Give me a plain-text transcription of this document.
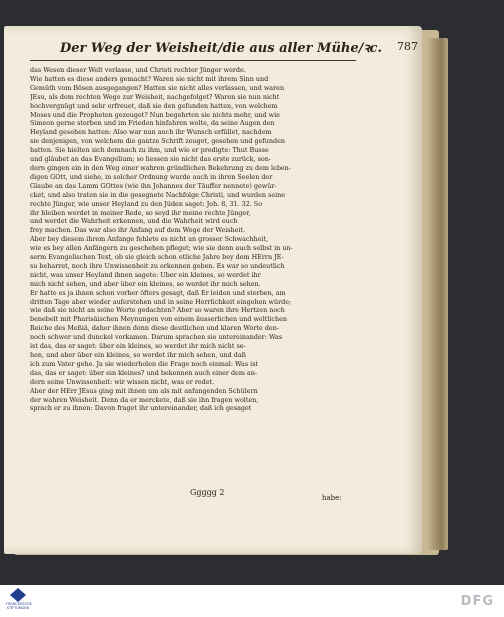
Der Weg der Weisheit/die aus aller Mühe/ꝛc. 787
das Wesen dieser Welt verlasse, und Christi rechter Jünger werde.
Wie hatten es diese anders gemacht? Waren sie nicht mit ihrem Sinn und
Gemüth vom Bösen ausgegangen? Hatten sie nicht alles verlassen, und waren
JEsu, als dem rechten Wege zur Weisheit, nachgefolget? Waren sie nun nicht
hochvergnügt und sehr erfreuet, daß sie den gefunden hatten, von welchem
Moses und die Propheten gezeuget? Nun begehrten sie nichts mehr, und wie
Simeon gerne sterben und im Frieden hinfahren wolte, da seine Augen den
Heyland gesehen hatten: Also war nun auch ihr Wunsch erfüllet, nachdem
sie denjenigen, von welchem die gantze Schrift zeuget, gesehen und gefunden
hatten. Sie hielten sich demnach zu ihm, und wie er predigte: Thut Busse
und gläubet an das Evangelium; so liessen sie nicht das erste zurück, son-
dern gingen ein in den Weg einer wahren gründlichen Bekehrung zu dem leben-
digen GOtt, und siehe, in solcher Ordnung wurde auch in ihren Seelen der
Glaube an das Lamm GOttes (wie ihn Johannes der Täuffer nennete) gewür-
cket, und also traten sie in die gesegnete Nachfolge Christi, und wurden seine
rechte Jünger, wie unser Heyland zu den Jüden saget: Joh. 8, 31. 32. So
ihr bleiben werdet in meiner Rede, so seyd ihr meine rechte Jünger,
und werdet die Wahrheit erkennen, und die Wahrheit wird euch
frey machen. Das war also ihr Anfang auf dem Wege der Weisheit.
Aber bey diesem ihrem Anfange fehlete es nicht an grosser Schwachheit,
wie es bey allen Anfängern zu geschehen pfleget; wie sie denn auch selbst in un-
serm Evangelischen Text, ob sie gleich schon etliche Jahre bey dem HErrn JE-
su beharret, noch ihre Unwissenheit zu erkennen geben. Es war so undeutlich
nicht, was unser Heyland ihnen sagete: Uber ein kleines, so werdet ihr
mich nicht sehen, und aber über ein kleines, so werdet ihr mich sehen.
Er hatte es ja ihnen schon vorher öfters gesagt, daß Er leiden und sterben, am
dritten Tage aber wieder auferstehen und in seine Herrlichkeit eingehen würde;
wie daß sie nicht an seine Worte gedachten? Aber so waren ihre Hertzen noch
benebelt mit Pharisäischen Meynungen von einem äusserlichen und weltlichen
Reiche des Meßiä, daher ihnen denn diese deutlichen und klaren Worte den-
noch schwer und dunckel vorkamen. Darum sprachen sie untereinander: Was
ist das, das er saget: über ein kleines, so werdet ihr mich nicht se-
hen, und aber über ein kleines, so werdet ihr mich sehen, und daß
ich zum Vater gehe. Ja sie wiederholen die Frage noch einmal: Was ist
das, das er saget: über ein kleines? und bekennen auch einer dem an-
dern seine Unwissenheit: wir wissen nicht, was er redet.
Aber der HErr JEsus ging mit ihnen um als mit anfangenden Schülern
der wahren Weisheit. Denn da er merckete, daß sie ihn fragen wolten,
sprach er zu ihnen: Davon fraget ihr untereinander, daß ich gesaget
Ggggg 2
habe:
FRANCKESCHE STIFTUNGEN	DFG
